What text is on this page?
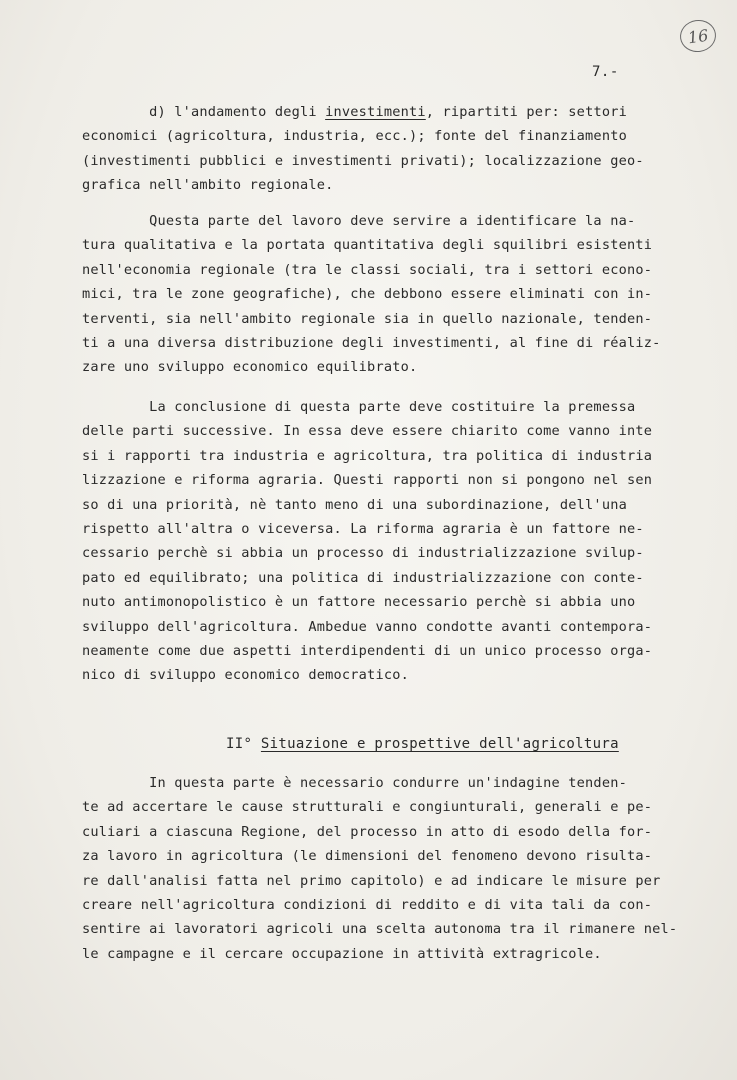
16
7.-
d) l'andamento degli investimenti, ripartiti per: settori
economici (agricoltura, industria, ecc.); fonte del finanziamento
(investimenti pubblici e investimenti privati); localizzazione geo-
grafica nell'ambito regionale.
Questa parte del lavoro deve servire a identificare la na-
tura qualitativa e la portata quantitativa degli squilibri esistenti
nell'economia regionale (tra le classi sociali, tra i settori econo-
mici, tra le zone geografiche), che debbono essere eliminati con in-
terventi, sia nell'ambito regionale sia in quello nazionale, tenden-
ti a una diversa distribuzione degli investimenti, al fine di réaliz-
zare uno sviluppo economico equilibrato.
La conclusione di questa parte deve costituire la premessa
delle parti successive. In essa deve essere chiarito come vanno inte
si i rapporti tra industria e agricoltura, tra politica di industria
lizzazione e riforma agraria. Questi rapporti non si pongono nel sen
so di una priorità, nè tanto meno di una subordinazione, dell'una
rispetto all'altra o viceversa. La riforma agraria è un fattore ne-
cessario perchè si abbia un processo di industrializzazione svilup-
pato ed equilibrato; una politica di industrializzazione con conte-
nuto antimonopolistico è un fattore necessario perchè si abbia uno
sviluppo dell'agricoltura. Ambedue vanno condotte avanti contempora-
neamente come due aspetti interdipendenti di un unico processo orga-
nico di sviluppo economico democratico.
II° Situazione e prospettive dell'agricoltura
In questa parte è necessario condurre un'indagine tenden-
te ad accertare le cause strutturali e congiunturali, generali e pe-
culiari a ciascuna Regione, del processo in atto di esodo della for-
za lavoro in agricoltura (le dimensioni del fenomeno devono risulta-
re dall'analisi fatta nel primo capitolo) e ad indicare le misure per
creare nell'agricoltura condizioni di reddito e di vita tali da con-
sentire ai lavoratori agricoli una scelta autonoma tra il rimanere nel-
le campagne e il cercare occupazione in attività extragricole.
